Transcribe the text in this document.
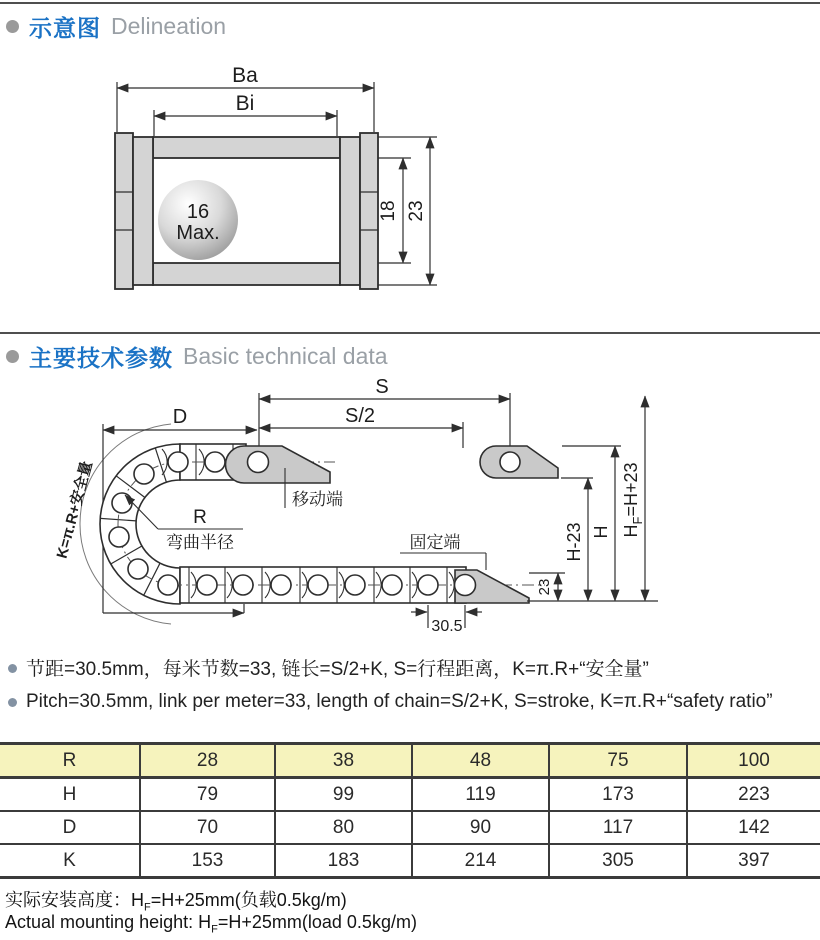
示意图 Delineation
Ba
Bi
16
Max.
18 23
主要技术参数 Basic technical data
K=π.R+安全量
S
S/2
D
R
弯曲半径
移动端
固定端
23
H-23 H $H_F=H+23$
30.5
节距=30.5mm，每米节数=33, 链长=S/2+K, S=行程距离，K=π.R+“安全量”
Pitch=30.5mm, link per meter=33, length of chain=S/2+K, S=stroke, K=π.R+“safety ratio”
R	28	38	48	75	100
H	79	99	119	173	223
D	70	80	90	117	142
K	153	183	214	305	397
实际安装高度：$H_F=H+25mm$(负载0.5kg/m)
Actual mounting height: $H_F=H+25mm(load$ 0.5kg/m)
